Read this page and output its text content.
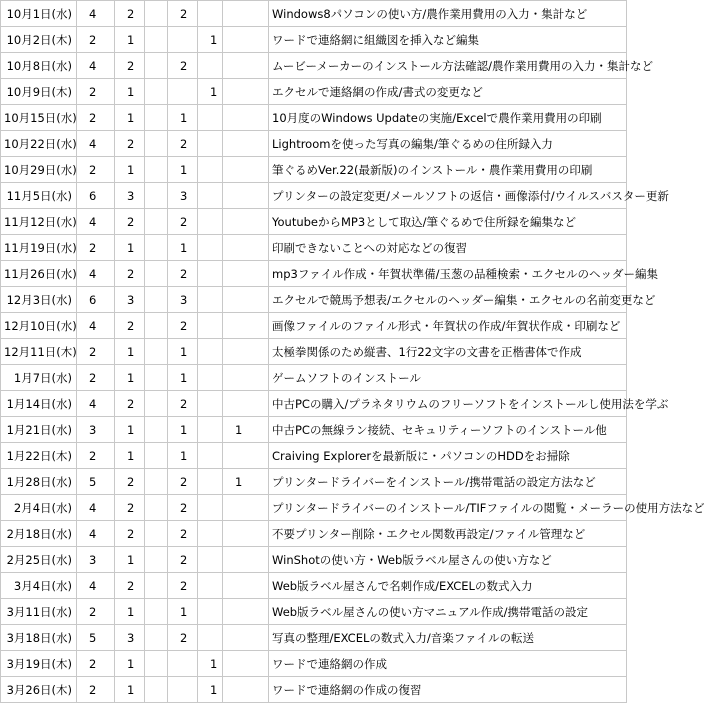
10月1日(水)	4	2		2			Windows8パソコンの使い方/農作業用費用の入力・集計など
10月2日(木)	2	1			1		ワードで連絡網に組織図を挿入など編集
10月8日(水)	4	2		2			ムービーメーカーのインストール方法確認/農作業用費用の入力・集計など
10月9日(木)	2	1			1		エクセルで連絡網の作成/書式の変更など
10月15日(水)	2	1		1			10月度のWindows Updateの実施/Excelで農作業用費用の印刷
10月22日(水)	4	2		2			Lightroomを使った写真の編集/筆ぐるめの住所録入力
10月29日(水)	2	1		1			筆ぐるめVer.22(最新版)のインストール・農作業用費用の印刷
11月5日(水)	6	3		3			プリンターの設定変更/メールソフトの返信・画像添付/ウイルスバスター更新
11月12日(水)	4	2		2			YoutubeからMP3として取込/筆ぐるめで住所録を編集など
11月19日(水)	2	1		1			印刷できないことへの対応などの復習
11月26日(水)	4	2		2			mp3ファイル作成・年賀状準備/玉葱の品種検索・エクセルのヘッダー編集
12月3日(水)	6	3		3			エクセルで競馬予想表/エクセルのヘッダー編集・エクセルの名前変更など
12月10日(水)	4	2		2			画像ファイルのファイル形式・年賀状の作成/年賀状作成・印刷など
12月11日(木)	2	1		1			太極拳関係のため縦書、1行22文字の文書を正楷書体で作成
1月7日(水)	2	1		1			ゲームソフトのインストール
1月14日(水)	4	2		2			中古PCの購入/プラネタリウムのフリーソフトをインストールし使用法を学ぶ
1月21日(水)	3	1		1		1	中古PCの無線ラン接続、セキュリティーソフトのインストール他
1月22日(木)	2	1		1			Craiving Explorerを最新版に・パソコンのHDDをお掃除
1月28日(水)	5	2		2		1	プリンタードライバーをインストール/携帯電話の設定方法など
2月4日(水)	4	2		2			プリンタードライバーのインストール/TIFファイルの閲覧・メーラーの使用方法など
2月18日(水)	4	2		2			不要プリンター削除・エクセル関数再設定/ファイル管理など
2月25日(水)	3	1		2			WinShotの使い方・Web版ラベル屋さんの使い方など
3月4日(水)	4	2		2			Web版ラベル屋さんで名刺作成/EXCELの数式入力
3月11日(水)	2	1		1			Web版ラベル屋さんの使い方マニュアル作成/携帯電話の設定
3月18日(水)	5	3		2			写真の整理/EXCELの数式入力/音楽ファイルの転送
3月19日(木)	2	1			1		ワードで連絡網の作成
3月26日(木)	2	1			1		ワードで連絡網の作成の復習
